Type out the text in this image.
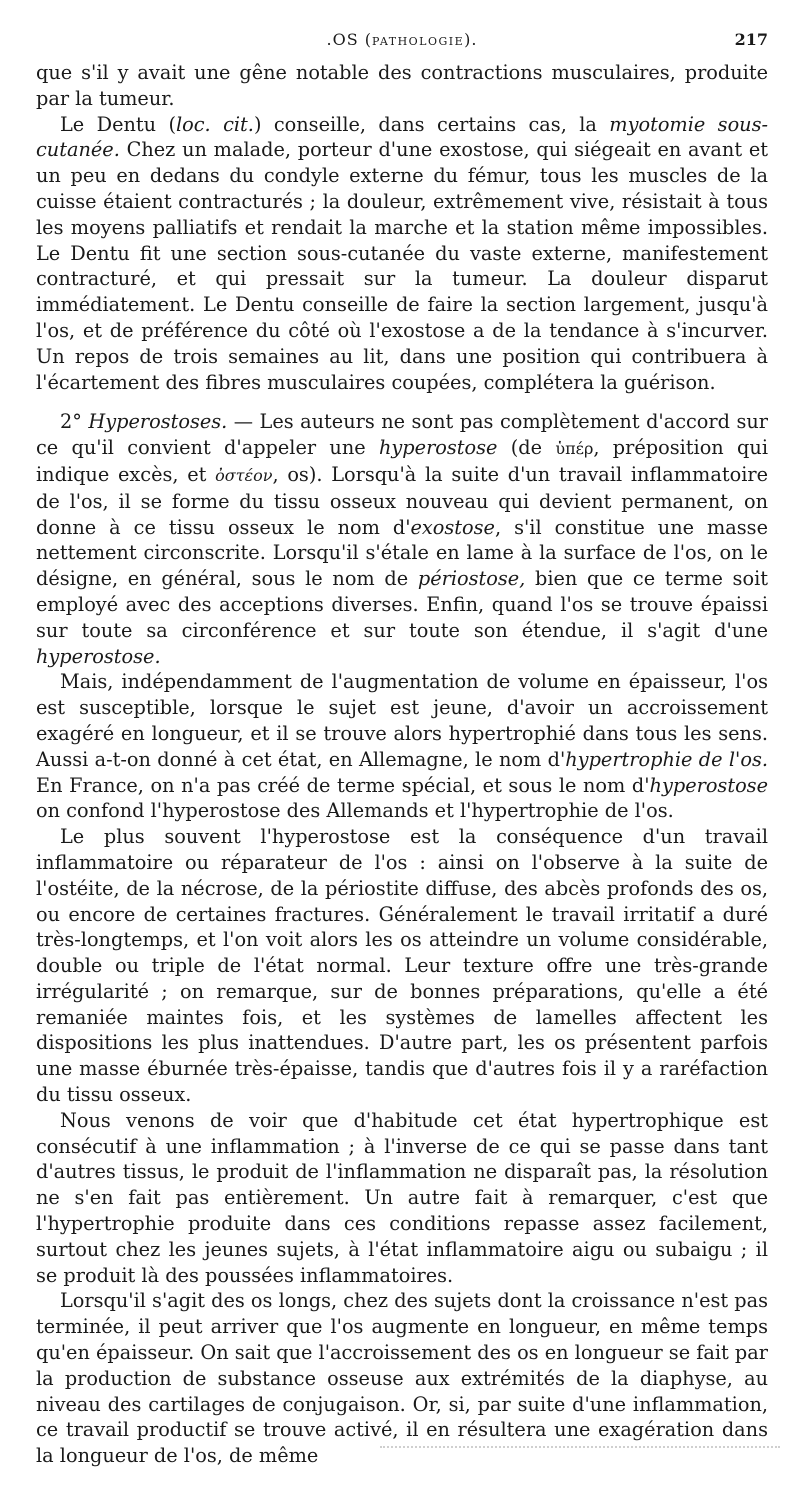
.OS (PATHOLOGIE).	217

que s'il y avait une gêne notable des contractions musculaires, produite par la tumeur.

Le Dentu (loc. cit.) conseille, dans certains cas, la myotomie sous-cutanée. Chez un malade, porteur d'une exostose, qui siégeait en avant et un peu en dedans du condyle externe du fémur, tous les muscles de la cuisse étaient contracturés ; la douleur, extrêmement vive, résistait à tous les moyens palliatifs et rendait la marche et la station même impossibles. Le Dentu fit une section sous-cutanée du vaste externe, manifestement contracturé, et qui pressait sur la tumeur. La douleur disparut immédiatement. Le Dentu conseille de faire la section largement, jusqu'à l'os, et de préférence du côté où l'exostose a de la tendance à s'incurver. Un repos de trois semaines au lit, dans une position qui contribuera à l'écartement des fibres musculaires coupées, complétera la guérison.

2° Hyperostoses. — Les auteurs ne sont pas complètement d'accord sur ce qu'il convient d'appeler une hyperostose (de ὑπέρ, préposition qui indique excès, et ὀστέον, os). Lorsqu'à la suite d'un travail inflammatoire de l'os, il se forme du tissu osseux nouveau qui devient permanent, on donne à ce tissu osseux le nom d'exostose, s'il constitue une masse nettement circonscrite. Lorsqu'il s'étale en lame à la surface de l'os, on le désigne, en général, sous le nom de périostose, bien que ce terme soit employé avec des acceptions diverses. Enfin, quand l'os se trouve épaissi sur toute sa circonférence et sur toute son étendue, il s'agit d'une hyperostose.

Mais, indépendamment de l'augmentation de volume en épaisseur, l'os est susceptible, lorsque le sujet est jeune, d'avoir un accroissement exagéré en longueur, et il se trouve alors hypertrophié dans tous les sens. Aussi a-t-on donné à cet état, en Allemagne, le nom d'hypertrophie de l'os. En France, on n'a pas créé de terme spécial, et sous le nom d'hyperostose on confond l'hyperostose des Allemands et l'hypertrophie de l'os.

Le plus souvent l'hyperostose est la conséquence d'un travail inflammatoire ou réparateur de l'os : ainsi on l'observe à la suite de l'ostéite, de la nécrose, de la périostite diffuse, des abcès profonds des os, ou encore de certaines fractures. Généralement le travail irritatif a duré très-longtemps, et l'on voit alors les os atteindre un volume considérable, double ou triple de l'état normal. Leur texture offre une très-grande irrégularité ; on remarque, sur de bonnes préparations, qu'elle a été remaniée maintes fois, et les systèmes de lamelles affectent les dispositions les plus inattendues. D'autre part, les os présentent parfois une masse éburnée très-épaisse, tandis que d'autres fois il y a raréfaction du tissu osseux.

Nous venons de voir que d'habitude cet état hypertrophique est consécutif à une inflammation ; à l'inverse de ce qui se passe dans tant d'autres tissus, le produit de l'inflammation ne disparaît pas, la résolution ne s'en fait pas entièrement. Un autre fait à remarquer, c'est que l'hypertrophie produite dans ces conditions repasse assez facilement, surtout chez les jeunes sujets, à l'état inflammatoire aigu ou subaigu ; il se produit là des poussées inflammatoires.

Lorsqu'il s'agit des os longs, chez des sujets dont la croissance n'est pas terminée, il peut arriver que l'os augmente en longueur, en même temps qu'en épaisseur. On sait que l'accroissement des os en longueur se fait par la production de substance osseuse aux extrémités de la diaphyse, au niveau des cartilages de conjugaison. Or, si, par suite d'une inflammation, ce travail productif se trouve activé, il en résultera une exagération dans la longueur de l'os, de même
